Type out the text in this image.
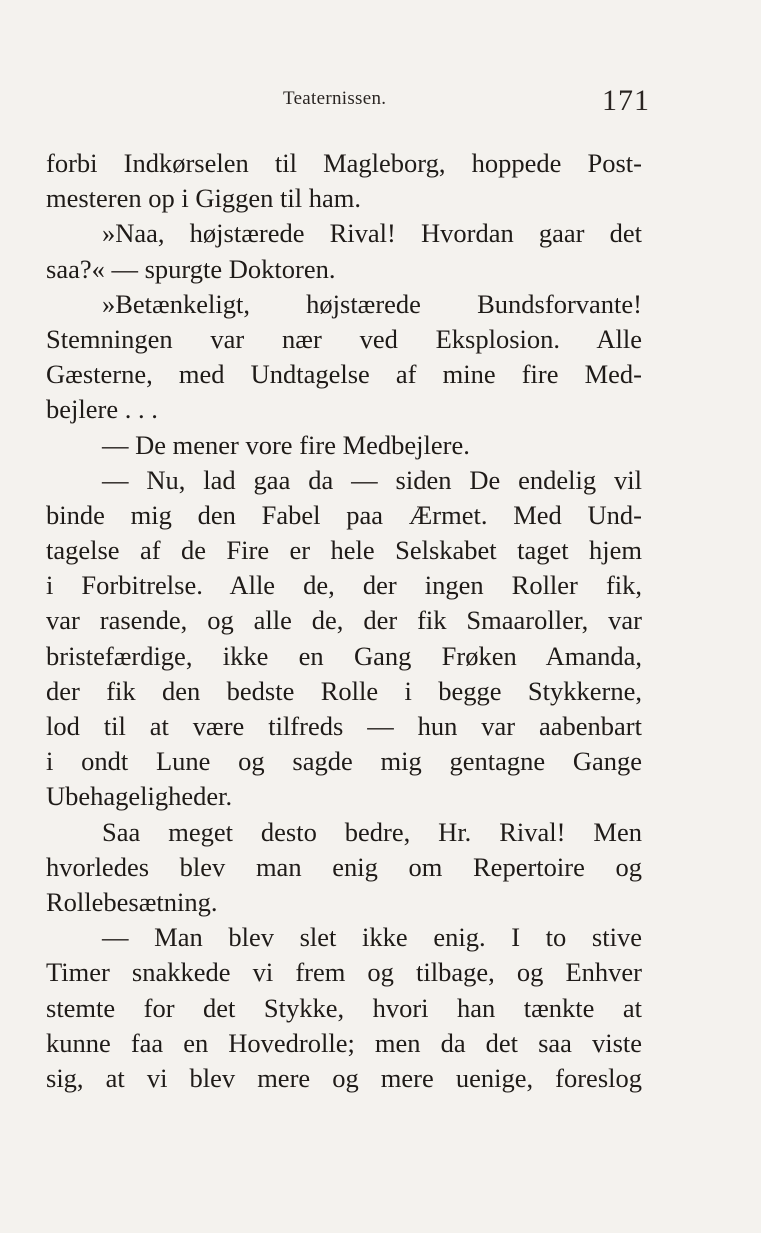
Teaternissen.	171
forbi Indkørselen til Magleborg, hoppede Post-
mesteren op i Giggen til ham.
»Naa, højstærede Rival! Hvordan gaar det
saa?« — spurgte Doktoren.
»Betænkeligt, højstærede Bundsforvante!
Stemningen var nær ved Eksplosion. Alle
Gæsterne, med Undtagelse af mine fire Med-
bejlere . . .
— De mener vore fire Medbejlere.
— Nu, lad gaa da — siden De endelig vil
binde mig den Fabel paa Ærmet. Med Und-
tagelse af de Fire er hele Selskabet taget hjem
i Forbitrelse. Alle de, der ingen Roller fik,
var rasende, og alle de, der fik Smaaroller, var
bristefærdige, ikke en Gang Frøken Amanda,
der fik den bedste Rolle i begge Stykkerne,
lod til at være tilfreds — hun var aabenbart
i ondt Lune og sagde mig gentagne Gange
Ubehageligheder.
Saa meget desto bedre, Hr. Rival! Men
hvorledes blev man enig om Repertoire og
Rollebesætning.
— Man blev slet ikke enig. I to stive
Timer snakkede vi frem og tilbage, og Enhver
stemte for det Stykke, hvori han tænkte at
kunne faa en Hovedrolle; men da det saa viste
sig, at vi blev mere og mere uenige, foreslog
